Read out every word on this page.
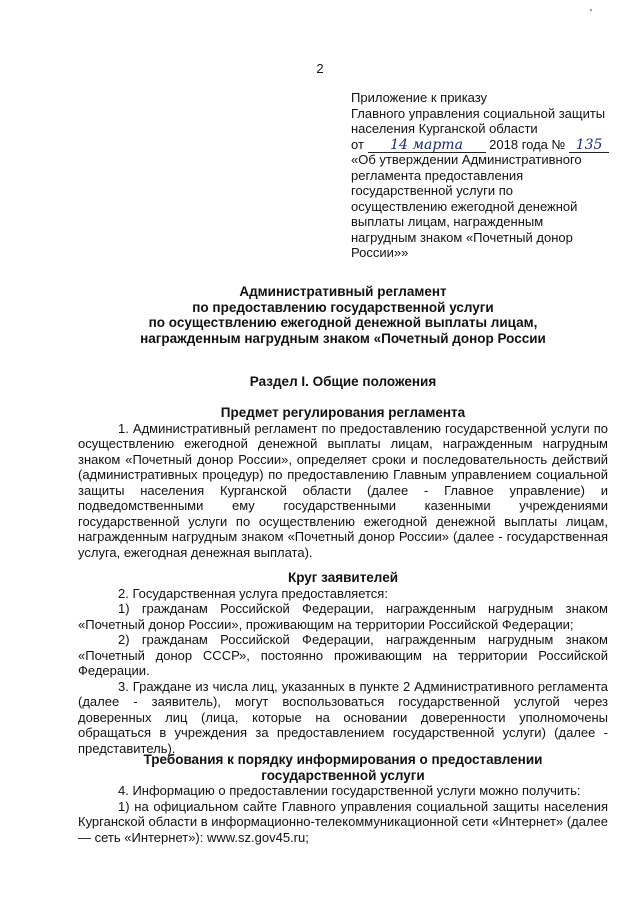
'
2
Приложение к приказу
Главного управления социальной защиты
населения Курганской области
от 14 марта 2018 года № 135
«Об утверждении Административного
регламента предоставления
государственной услуги по
осуществлению ежегодной денежной
выплаты лицам, награжденным
нагрудным знаком «Почетный донор
России»»
Административный регламент
по предоставлению государственной услуги
по осуществлению ежегодной денежной выплаты лицам,
награжденным нагрудным знаком «Почетный донор России
Раздел I. Общие положения
Предмет регулирования регламента

1. Административный регламент по предоставлению государственной услуги по осуществлению ежегодной денежной выплаты лицам, награжденным нагрудным знаком «Почетный донор России», определяет сроки и последовательность действий (административных процедур) по предоставлению Главным управлением социальной защиты населения Курганской области (далее - Главное управление) и подведомственными ему государственными казенными учреждениями государственной услуги по осуществлению ежегодной денежной выплаты лицам, награжденным нагрудным знаком «Почетный донор России» (далее - государственная услуга, ежегодная денежная выплата).

Круг заявителей

2. Государственная услуга предоставляется:

1) гражданам Российской Федерации, награжденным нагрудным знаком «Почетный донор России», проживающим на территории Российской Федерации;

2) гражданам Российской Федерации, награжденным нагрудным знаком «Почетный донор СССР», постоянно проживающим на территории Российской Федерации.

3. Граждане из числа лиц, указанных в пункте 2 Административного регламента (далее - заявитель), могут воспользоваться государственной услугой через доверенных лиц (лица, которые на основании доверенности уполномочены обращаться в учреждения за предоставлением государственной услуги) (далее - представитель).

Требования к порядку информирования о предоставлении
государственной услуги

4. Информацию о предоставлении государственной услуги можно получить:

1) на официальном сайте Главного управления социальной защиты населения Курганской области в информационно-телекоммуникационной сети «Интернет» (далее — сеть «Интернет»): www.sz.gov45.ru;
